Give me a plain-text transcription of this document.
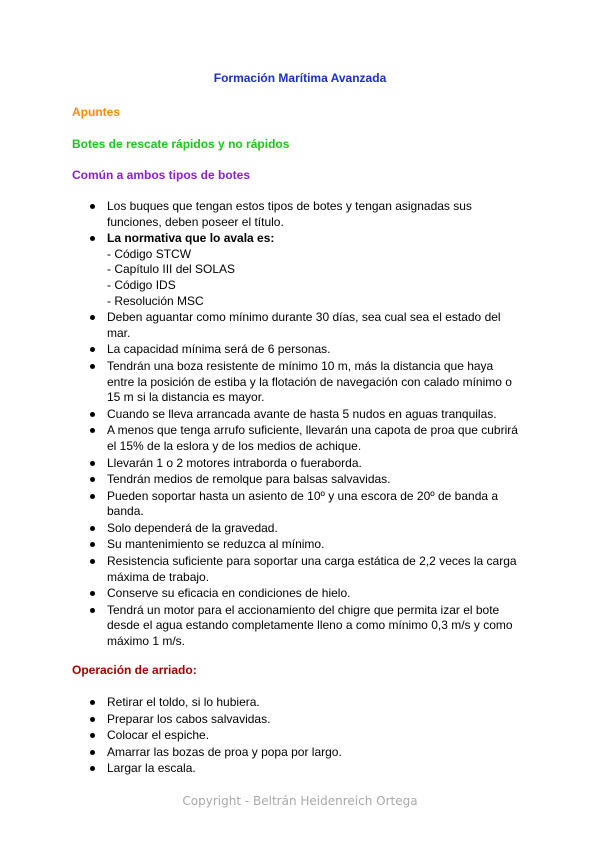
Formación Marítima Avanzada
Apuntes
Botes de rescate rápidos y no rápidos
Común a ambos tipos de botes
Los buques que tengan estos tipos de botes y tengan asignadas sus funciones, deben poseer el título.
La normativa que lo avala es:
- Código STCW
- Capítulo III del SOLAS
- Código IDS
- Resolución MSC
Deben aguantar como mínimo durante 30 días, sea cual sea el estado del mar.
La capacidad mínima será de 6 personas.
Tendrán una boza resistente de mínimo 10 m, más la distancia que haya entre la posición de estiba y la flotación de navegación con calado mínimo o 15 m si la distancia es mayor.
Cuando se lleva arrancada avante de hasta 5 nudos en aguas tranquilas.
A menos que tenga arrufo suficiente, llevarán una capota de proa que cubrirá el 15% de la eslora y de los medios de achique.
Llevarán 1 o 2 motores intraborda o fueraborda.
Tendrán medios de remolque para balsas salvavidas.
Pueden soportar hasta un asiento de 10º y una escora de 20º de banda a banda.
Solo dependerá de la gravedad.
Su mantenimiento se reduzca al mínimo.
Resistencia suficiente para soportar una carga estática de 2,2 veces la carga máxima de trabajo.
Conserve su eficacia en condiciones de hielo.
Tendrá un motor para el accionamiento del chigre que permita izar el bote desde el agua estando completamente lleno a como mínimo 0,3 m/s y como máximo 1 m/s.
Operación de arriado:
Retirar el toldo, si lo hubiera.
Preparar los cabos salvavidas.
Colocar el espiche.
Amarrar las bozas de proa y popa por largo.
Largar la escala.
Copyright - Beltrán Heidenreich Ortega
